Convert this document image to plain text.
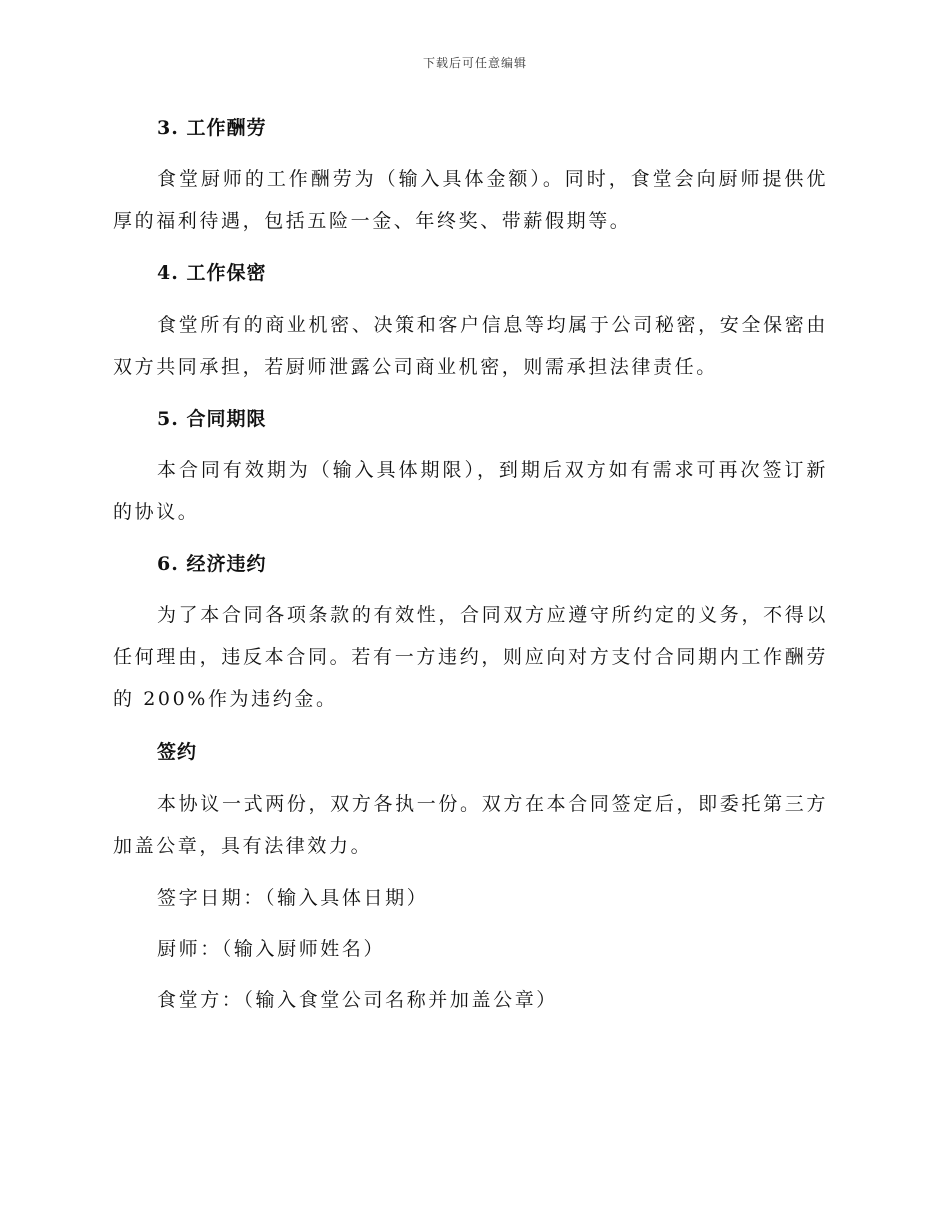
下载后可任意编辑
3. 工作酬劳

食堂厨师的工作酬劳为（输入具体金额）。同时，食堂会向厨师提供优厚的福利待遇，包括五险一金、年终奖、带薪假期等。

4. 工作保密

食堂所有的商业机密、决策和客户信息等均属于公司秘密，安全保密由双方共同承担，若厨师泄露公司商业机密，则需承担法律责任。

5. 合同期限

本合同有效期为（输入具体期限），到期后双方如有需求可再次签订新的协议。

6. 经济违约

为了本合同各项条款的有效性，合同双方应遵守所约定的义务，不得以任何理由，违反本合同。若有一方违约，则应向对方支付合同期内工作酬劳的 200%作为违约金。

签约

本协议一式两份，双方各执一份。双方在本合同签定后，即委托第三方加盖公章，具有法律效力。

签字日期：（输入具体日期）
厨师：（输入厨师姓名）
食堂方：（输入食堂公司名称并加盖公章）
